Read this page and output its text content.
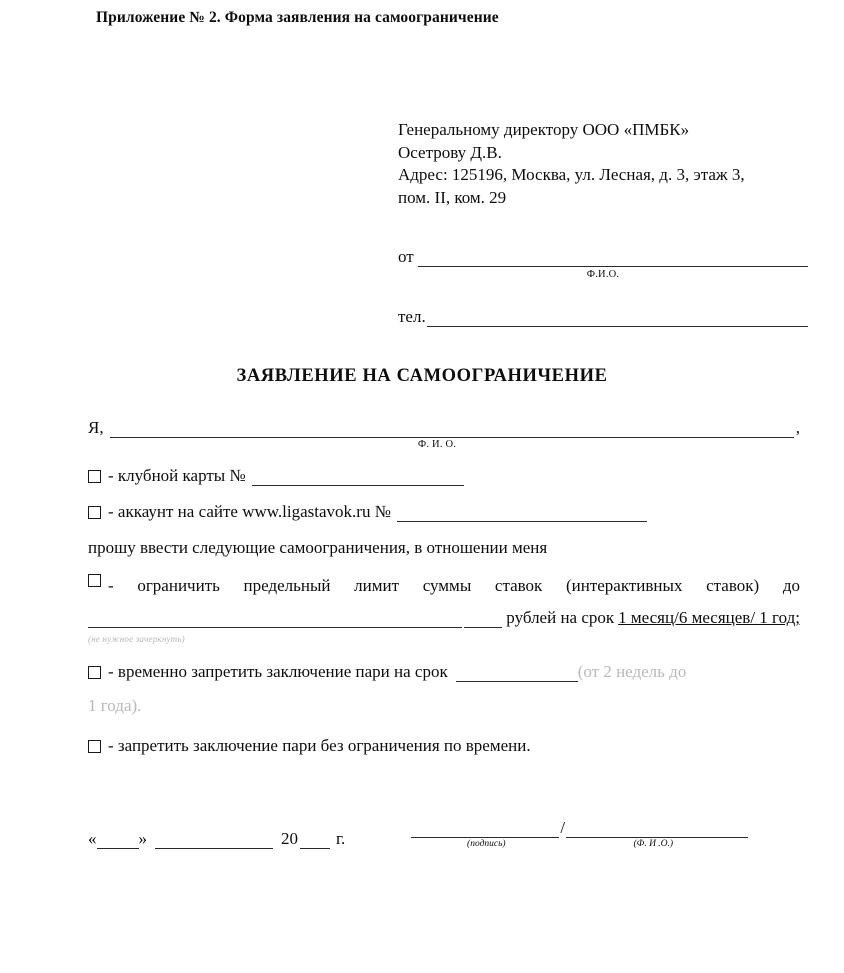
Приложение № 2. Форма заявления на самоограничение
Генеральному директору ООО «ПМБК»
Осетрову Д.В.
Адрес: 125196, Москва, ул. Лесная, д. 3, этаж 3,
пом. II, ком. 29
от
Ф.И.О.
тел.
ЗАЯВЛЕНИЕ НА САМООГРАНИЧЕНИЕ
Я,	,
Ф. И. О.
- клубной карты №
- аккаунт на сайте www.ligastavok.ru №
прошу ввести следующие самоограничения, в отношении меня
- ограничить предельный лимит суммы ставок (интерактивных ставок) до
рублей на срок 1 месяц/6 месяцев/ 1 год;
(не нужное зачеркнуть)
- временно запретить заключение пари на срок	(от 2 недель до
1 года).
- запретить заключение пари без ограничения по времени.
« »	20 г.
/
(подпись)	(Ф. И .О.)
